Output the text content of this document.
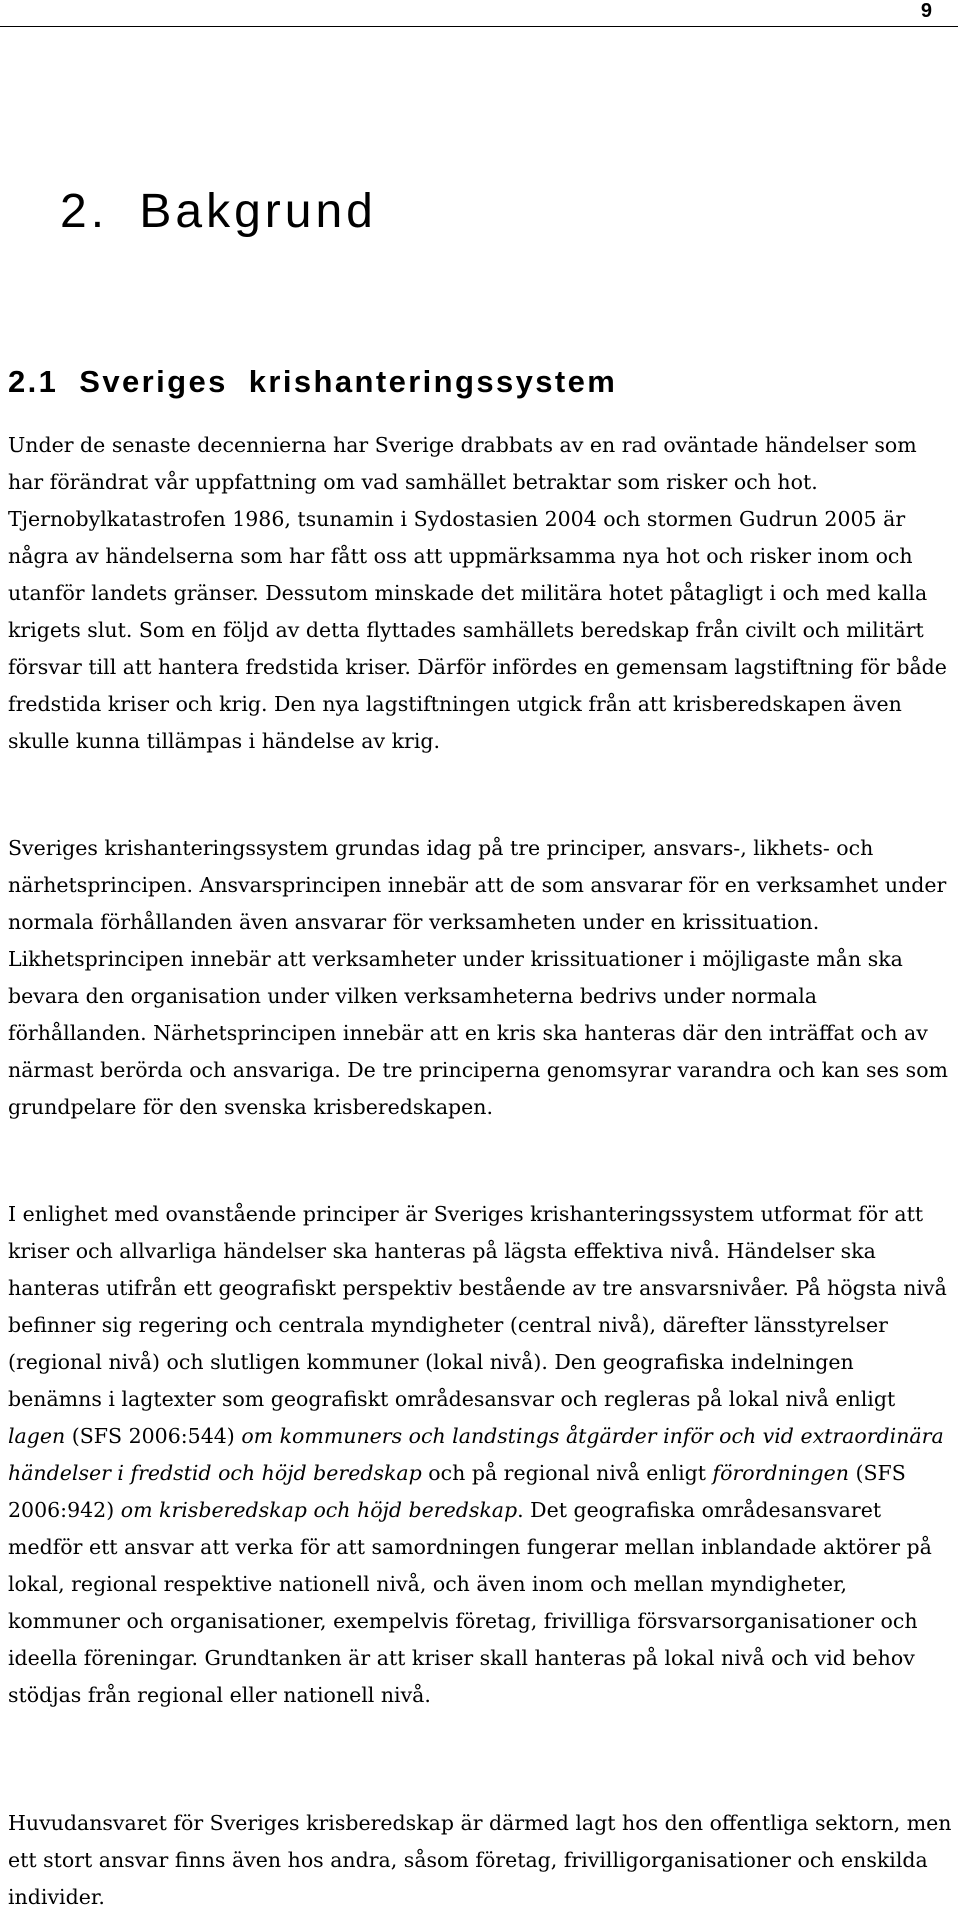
9
2. Bakgrund
2.1 Sveriges krishanteringssystem

Under de senaste decennierna har Sverige drabbats av en rad oväntade händelser som har förändrat vår uppfattning om vad samhället betraktar som risker och hot. Tjernobylkatastrofen 1986, tsunamin i Sydostasien 2004 och stormen Gudrun 2005 är några av händelserna som har fått oss att uppmärksamma nya hot och risker inom och utanför landets gränser. Dessutom minskade det militära hotet påtagligt i och med kalla krigets slut. Som en följd av detta flyttades samhällets beredskap från civilt och militärt försvar till att hantera fredstida kriser. Därför infördes en gemensam lagstiftning för både fredstida kriser och krig. Den nya lagstiftningen utgick från att krisberedskapen även skulle kunna tillämpas i händelse av krig.

Sveriges krishanteringssystem grundas idag på tre principer, ansvars-, likhets- och närhetsprincipen. Ansvarsprincipen innebär att de som ansvarar för en verksamhet under normala förhållanden även ansvarar för verksamheten under en krissituation. Likhetsprincipen innebär att verksamheter under krissituationer i möjligaste mån ska bevara den organisation under vilken verksamheterna bedrivs under normala förhållanden. Närhetsprincipen innebär att en kris ska hanteras där den inträffat och av närmast berörda och ansvariga. De tre principerna genomsyrar varandra och kan ses som grundpelare för den svenska krisberedskapen.

I enlighet med ovanstående principer är Sveriges krishanteringssystem utformat för att kriser och allvarliga händelser ska hanteras på lägsta effektiva nivå. Händelser ska hanteras utifrån ett geografiskt perspektiv bestående av tre ansvarsnivåer. På högsta nivå befinner sig regering och centrala myndigheter (central nivå), därefter länsstyrelser (regional nivå) och slutligen kommuner (lokal nivå). Den geografiska indelningen benämns i lagtexter som geografiskt områdesansvar och regleras på lokal nivå enligt lagen (SFS 2006:544) om kommuners och landstings åtgärder inför och vid extraordinära händelser i fredstid och höjd beredskap och på regional nivå enligt förordningen (SFS 2006:942) om krisberedskap och höjd beredskap. Det geografiska områdesansvaret medför ett ansvar att verka för att samordningen fungerar mellan inblandade aktörer på lokal, regional respektive nationell nivå, och även inom och mellan myndigheter, kommuner och organisationer, exempelvis företag, frivilliga försvarsorganisationer och ideella föreningar. Grundtanken är att kriser skall hanteras på lokal nivå och vid behov stödjas från regional eller nationell nivå.

Huvudansvaret för Sveriges krisberedskap är därmed lagt hos den offentliga sektorn, men ett stort ansvar finns även hos andra, såsom företag, frivilligorganisationer och enskilda individer.
